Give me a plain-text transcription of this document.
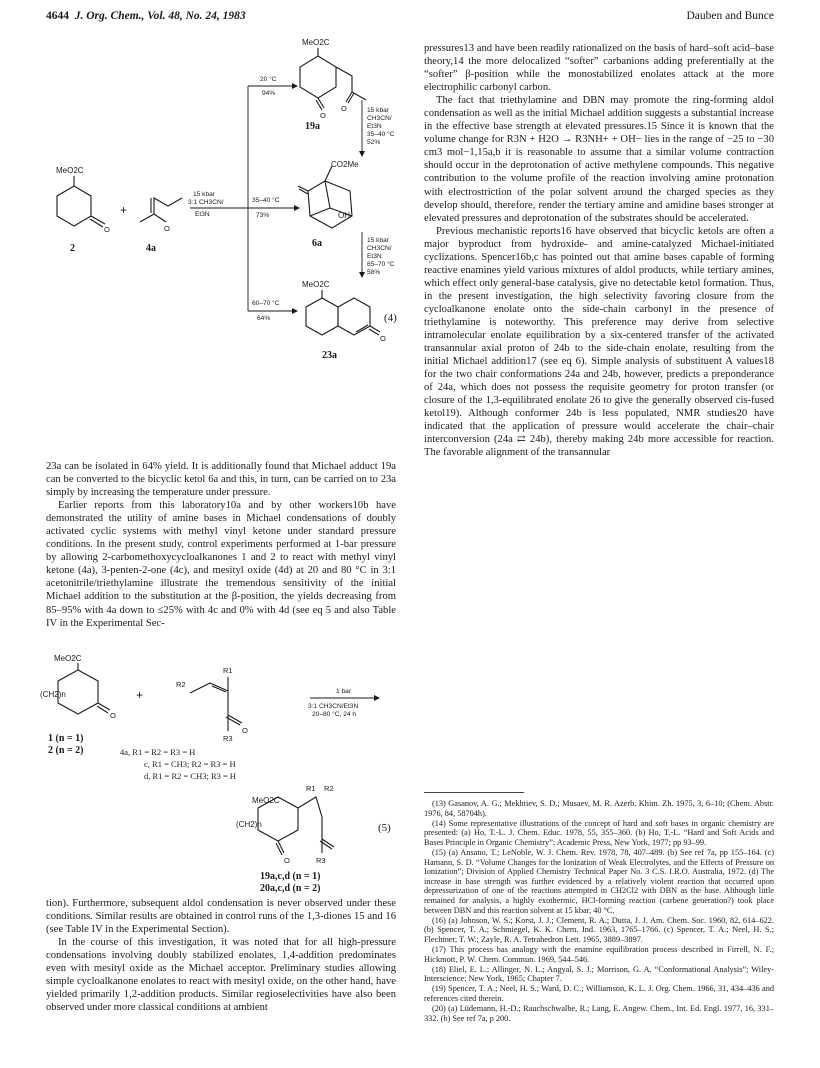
4644 J. Org. Chem., Vol. 48, No. 24, 1983	Dauben and Bunce
MeO2C
O
2
+
O
4a
15 kbar
3:1 CH3CN/
Et3N
20 °C
94%
35–40 °C
73%
60–70 °C
64%
15 kbar
CH3CN/
Et3N
35–40 °C
52%
15 kbar
CH3CN/
Et3N
65–70 °C
58%
MeO2C
O
O
19a
CO2Me
OH
6a
MeO2C
O
23a
(4)

23a can be isolated in 64% yield. It is additionally found that Michael adduct 19a can be converted to the bicyclic ketol 6a and this, in turn, can be carried on to 23a simply by increasing the temperature under pressure.

Earlier reports from this laboratory10a and by other workers10b have demonstrated the utility of amine bases in Michael condensations of doubly activated cyclic systems with methyl vinyl ketone under standard pressure conditions. In the present study, control experiments performed at 1-bar pressure by allowing 2-carbomethoxycycloalkanones 1 and 2 to react with methyl vinyl ketone (4a), 3-penten-2-one (4c), and mesityl oxide (4d) at 20 and 80 °C in 3:1 acetonitrile/triethylamine illustrate the tremendous sensitivity of the initial Michael addition to the substitution at the β-position, the yields decreasing from 85–95% with 4a down to ≤25% with 4c and 0% with 4d (see eq 5 and also Table IV in the Experimental Sec-

MeO2C
(CH2)n
O
1 (n = 1)
2 (n = 2)
+
R1
R2
R3
O
1 bar
3:1 CH3CN/Et3N
20–80 °C, 24 h
4a, R1 = R2 = R3 = H
c, R1 = CH3; R2 = R3 = H
d, R1 = R2 = CH3; R3 = H
MeO2C
R1 R2
(CH2)n
O	R3
19a,c,d (n = 1)
20a,c,d (n = 2)
(5)

tion). Furthermore, subsequent aldol condensation is never observed under these conditions. Similar results are obtained in control runs of the 1,3-diones 15 and 16 (see Table IV in the Experimental Section).

In the course of this investigation, it was noted that for all high-pressure condensations involving doubly stabilized enolates, 1,4-addition predominates even with mesityl oxide as the Michael acceptor. Preliminary studies allowing simple cycloalkanone enolates to react with mesityl oxide, on the other hand, have yielded primarily 1,2-addition products. Similar regioselectivities have also been observed under more classical conditions at ambient

pressures13 and have been readily rationalized on the basis of hard–soft acid–base theory,14 the more delocalized “softer” carbanions adding preferentially at the “softer” β-position while the monostabilized enolates attack at the more electrophilic carbonyl carbon.

The fact that triethylamine and DBN may promote the ring-forming aldol condensation as well as the initial Michael addition suggests a substantial increase in the effective base strength at elevated pressures.15 Since it is known that the volume change for R3N + H2O → R3NH+ + OH− lies in the range of −25 to −30 cm3 mol−1,15a,b it is reasonable to assume that a similar volume contraction should occur in the deprotonation of active methylene compounds. This negative contribution to the volume profile of the reaction involving amine protonation with electrostriction of the polar solvent around the charged species as they develop should, therefore, render the tertiary amine and amidine bases stronger at elevated pressures and deprotonation of the substrates should be accelerated.

Previous mechanistic reports16 have observed that bicyclic ketols are often a major byproduct from hydroxide- and amine-catalyzed Michael-initiated cyclizations. Spencer16b,c has pointed out that amine bases capable of forming reactive enamines yield various mixtures of aldol products, while tertiary amines, which effect only general-base catalysis, give no detectable ketol formation. Thus, in the present investigation, the high selectivity favoring closure from the cycloalkanone enolate onto the side-chain carbonyl in the presence of triethylamine is noteworthy. This preference may derive from selective intramolecular enolate equilibration by a six-centered transfer of the activated transannular axial proton of 24b to the side-chain enolate, resulting from the initial Michael addition17 (see eq 6). Simple analysis of substituent A values18 for the two chair conformations 24a and 24b, however, predicts a preponderance of 24a, which does not possess the requisite geometry for proton transfer (or closure of the 1,3-equilibrated enolate 26 to give the generally observed cis-fused ketol19). Although conformer 24b is less populated, NMR studies20 have indicated that the application of pressure would accelerate the chair–chair interconversion (24a ⇄ 24b), thereby making 24b more accessible for reaction. The favorable alignment of the transannular

(13) Gasanov, A. G.; Mekhtiev, S. D.; Musaev, M. R. Azerb. Khim. Zh. 1975, 3, 6–10; (Chem. Abstr. 1976, 84, 58704h).

(14) Some representative illustrations of the concept of hard and soft bases in organic chemistry are presented: (a) Ho, T.-L. J. Chem. Educ. 1978, 55, 355–360. (b) Ho, T.-L. “Hard and Soft Acids and Bases Principle in Organic Chemistry”; Academic Press, New York, 1977; pp 93–99.

(15) (a) Ansano, T.; LeNoble, W. J. Chem. Rev. 1978, 78, 407–489. (b) See ref 7a, pp 155–164. (c) Hamann, S. D. “Volume Changes for the Ionization of Weak Electrolytes, and the Effects of Pressure on Ionization”; Division of Applied Chemistry Technical Paper No. 3 C.S. I.R.O. Australia, 1972. (d) The increase in base strength was further evidenced by a relatively violent reaction that occurred upon depressurization of one of the reactions attempted in CH2Cl2 with DBN as the base. Although little remained for analysis, a highly exothermic, HCl-forming reaction (carbene generation?) took place between DBN and this reaction solvent at 15 kbar, 40 °C.

(16) (a) Johnson, W. S.; Korst, J. J.; Clement, R. A.; Dutta, J. J. Am. Chem. Soc. 1960, 82, 614–622. (b) Spencer, T. A.; Schmiegel, K. K. Chem. Ind. 1963, 1765–1766. (c) Spencer, T. A.; Neel, H. S.; Flechtner, T. W.; Zayle, R. A. Tetrahedron Lett. 1965, 3889–3897.

(17) This process has analogy with the enamine equilibration process described in Firrell, N. F.; Hickmott, P. W. Chem. Commun. 1969, 544–546.

(18) Eliel, E. L.; Allinger, N. L.; Angyal, S. J.; Morrison, G. A. “Conformational Analysis”; Wiley-Interscience: New York, 1965; Chapter 7.

(19) Spencer, T. A.; Neel, H. S.; Ward, D. C.; Williamson, K. L. J. Org. Chem. 1966, 31, 434–436 and references cited therein.

(20) (a) Lüdemann, H.-D.; Rauchschwalbe, R.; Lang, E. Angew. Chem., Int. Ed. Engl. 1977, 16, 331–332. (b) See ref 7a, p 200.
